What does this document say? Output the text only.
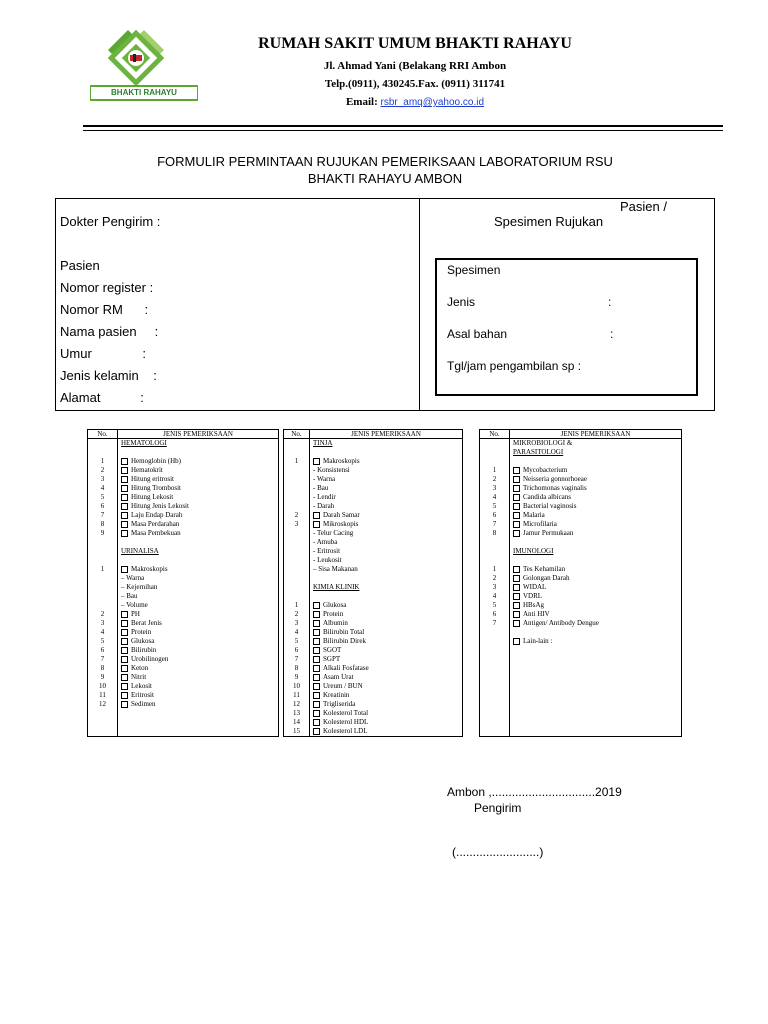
BHAKTI RAHAYU
RUMAH SAKIT UMUM BHAKTI RAHAYU
Jl. Ahmad Yani (Belakang RRI Ambon
Telp.(0911), 430245.Fax. (0911) 311741
Email: rsbr_amq@yahoo.co.id
FORMULIR PERMINTAAN RUJUKAN PEMERIKSAAN LABORATORIUM RSU
BHAKTI RAHAYU AMBON
Dokter Pengirim :
Pasien
Nomor register :
Nomor RM      :
Nama pasien     :
Umur              :
Jenis kelamin    :
Alamat           :
Pasien /
Spesimen Rujukan
Spesimen
Jenis	:
Asal bahan	:
Tgl/jam pengambilan sp :
No.	JENIS PEMERIKSAAN
	HEMATOLOGI

1	Hemoglobin (Hb)
2	Hematokrit
3	Hitung eritrosit
4	Hitung Trombosit
5	Hitung Lekosit
6	Hitung Jenis Lekosit
7	Laju Endap Darah
8	Masa Perdarahan
9	Masa Pembekuan

	URINALISA

1	Makroskopis
	– Warna
	– Kejernihan
	– Bau
	– Volume
2	PH
3	Berat Jenis
4	Protein
5	Glukosa
6	Bilirubin
7	Urobilinogen
8	Keton
9	Nitrit
10	Lekosit
11	Eritrosit
12	Sedimen

No.	JENIS PEMERIKSAAN
	TINJA

1	Makroskopis
	- Konsistensi
	- Warna
	- Bau
	- Lendir
	- Darah
2	Darah Samar
3	Mikroskopis
	- Telur Cacing
	- Amuba
	- Eritrosit
	- Leukosit
	– Sisa Makanan

	KIMIA KLINIK

1	Glukosa
2	Protein
3	Albumin
4	Bilirubin Total
5	Bilirubin Direk
6	SGOT
7	SGPT
8	Alkali Fosfatase
9	Asam Urat
10	Ureum / BUN
11	Kreatinin
12	Trigliserida
13	Kolesterol Total
14	Kolesterol HDL
15	Kolesterol LDL
No.	JENIS PEMERIKSAAN
	MIKROBIOLOGI &
	PARASITOLOGI

1	Mycobacterium
2	Neisseria gonnorhoeae
3	Trichomonas vaginalis
4	Candida albicans
5	Bacterial vaginosis
6	Malaria
7	Microfilaria
8	Jamur Permukaan

	IMUNOLOGI

1	Tes Kehamilan
2	Golongan Darah
3	WIDAL
4	VDRL
5	HBsAg
6	Anti HIV
7	Antigen/ Antibody Dengue

	Lain-lain :

Ambon ,...............................2019
Pengirim
(.........................)
